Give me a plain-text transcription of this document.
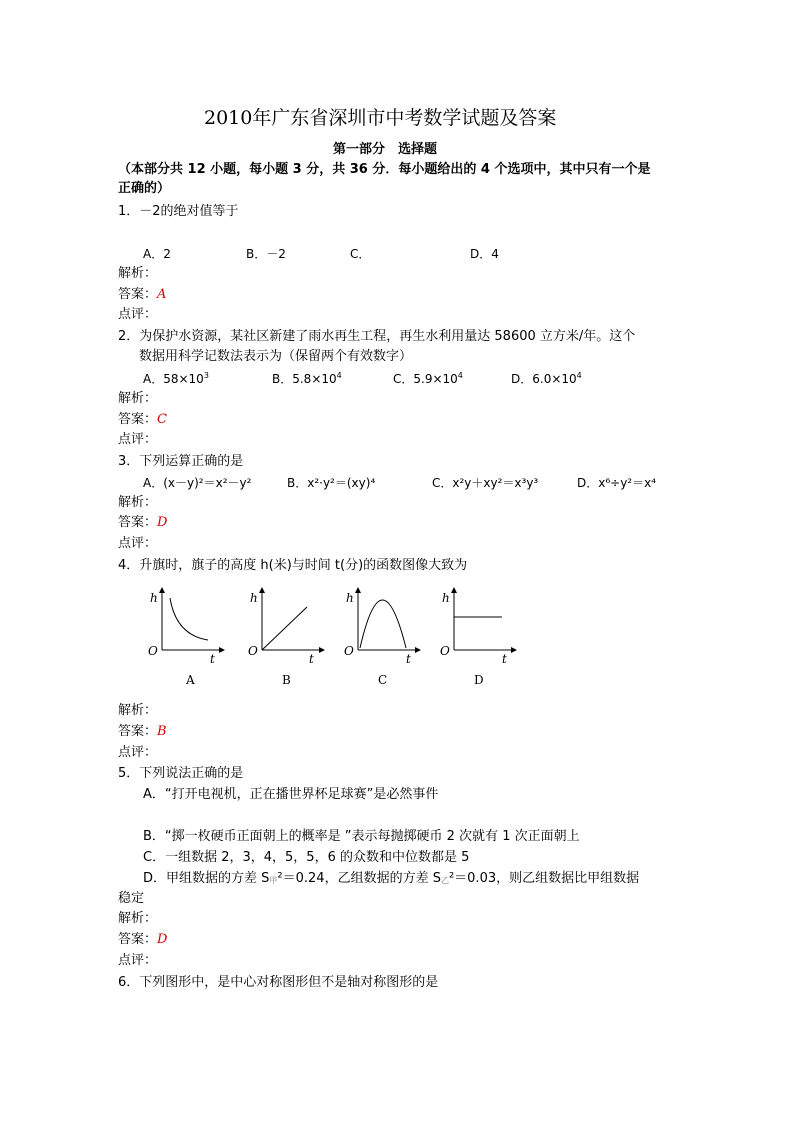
2010年广东省深圳市中考数学试题及答案
第一部分　选择题
（本部分共 12 小题，每小题 3 分，共 36 分．每小题给出的 4 个选项中，其中只有一个是
正确的）
1．－2的绝对值等于
A．2	B．－2	C．	D．4
解析：
答案：A
点评：
2．为保护水资源，某社区新建了雨水再生工程，再生水利用量达 58600 立方米/年。这个
数据用科学记数法表示为（保留两个有效数字）
A．$58\times 10^3$	B．$5.8\times 10^4$	C．$5.9\times 10^4$	D．$6.0\times 10^4$
解析：
答案：C
点评：
3．下列运算正确的是
A．(x－y)²＝x²－y²	B．x²·y²＝(xy)⁴	C．x²y＋xy²＝x³y³	D．x⁶÷y²＝x⁴
解析：
答案：D
点评：
4．升旗时，旗子的高度 h(米)与时间 t(分)的函数图像大致为
h
O
t
A
h
O
t
B
h
O
t
C
h
O
t
D
解析：
答案：B
点评：
5．下列说法正确的是
A．“打开电视机，正在播世界杯足球赛”是必然事件
B．“掷一枚硬币正面朝上的概率是 ”表示每抛掷硬币 2 次就有 1 次正面朝上
C．一组数据 2，3，4，5，5，6 的众数和中位数都是 5
D．甲组数据的方差 $S_甲^2=0.24$，乙组数据的方差 $S_乙^2=0.03$，则乙组数据比甲组数据
稳定
解析：
答案：D
点评：
6．下列图形中，是中心对称图形但不是轴对称图形的是
